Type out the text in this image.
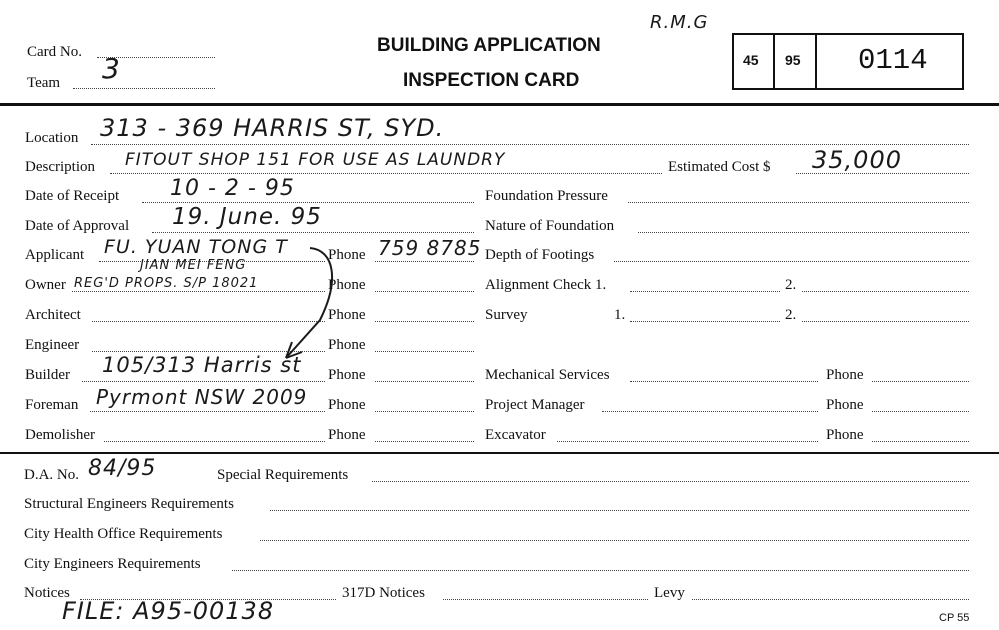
Card No.
Team 3
BUILDING APPLICATION
INSPECTION CARD
R.M.G
45 95 0114
Location 313 - 369 HARRIS ST, SYD.
Description FITOUT SHOP 151 FOR USE AS LAUNDRY	Estimated Cost $ 35,000
Date of Receipt 10 - 2 - 95
Date of Approval 19. June. 95
Applicant FU. YUAN TONG T
JIAN MEI FENG
Phone 759 8785
Owner REG'D PROPS. S/P 18021	Phone
Architect	Phone
Engineer	Phone
Builder 105/313 Harris st Phone
Foreman Pyrmont NSW 2009 Phone
Demolisher	Phone
Foundation Pressure
Nature of Foundation
Depth of Footings
Alignment Check 1.	2.
Survey	1.	2.
Mechanical Services	Phone
Project Manager	Phone
Excavator	Phone
D.A. No. 84/95	Special Requirements
Structural Engineers Requirements
City Health Office Requirements
City Engineers Requirements
Notices	317D Notices	Levy
FILE: A95-00138	CP 55
